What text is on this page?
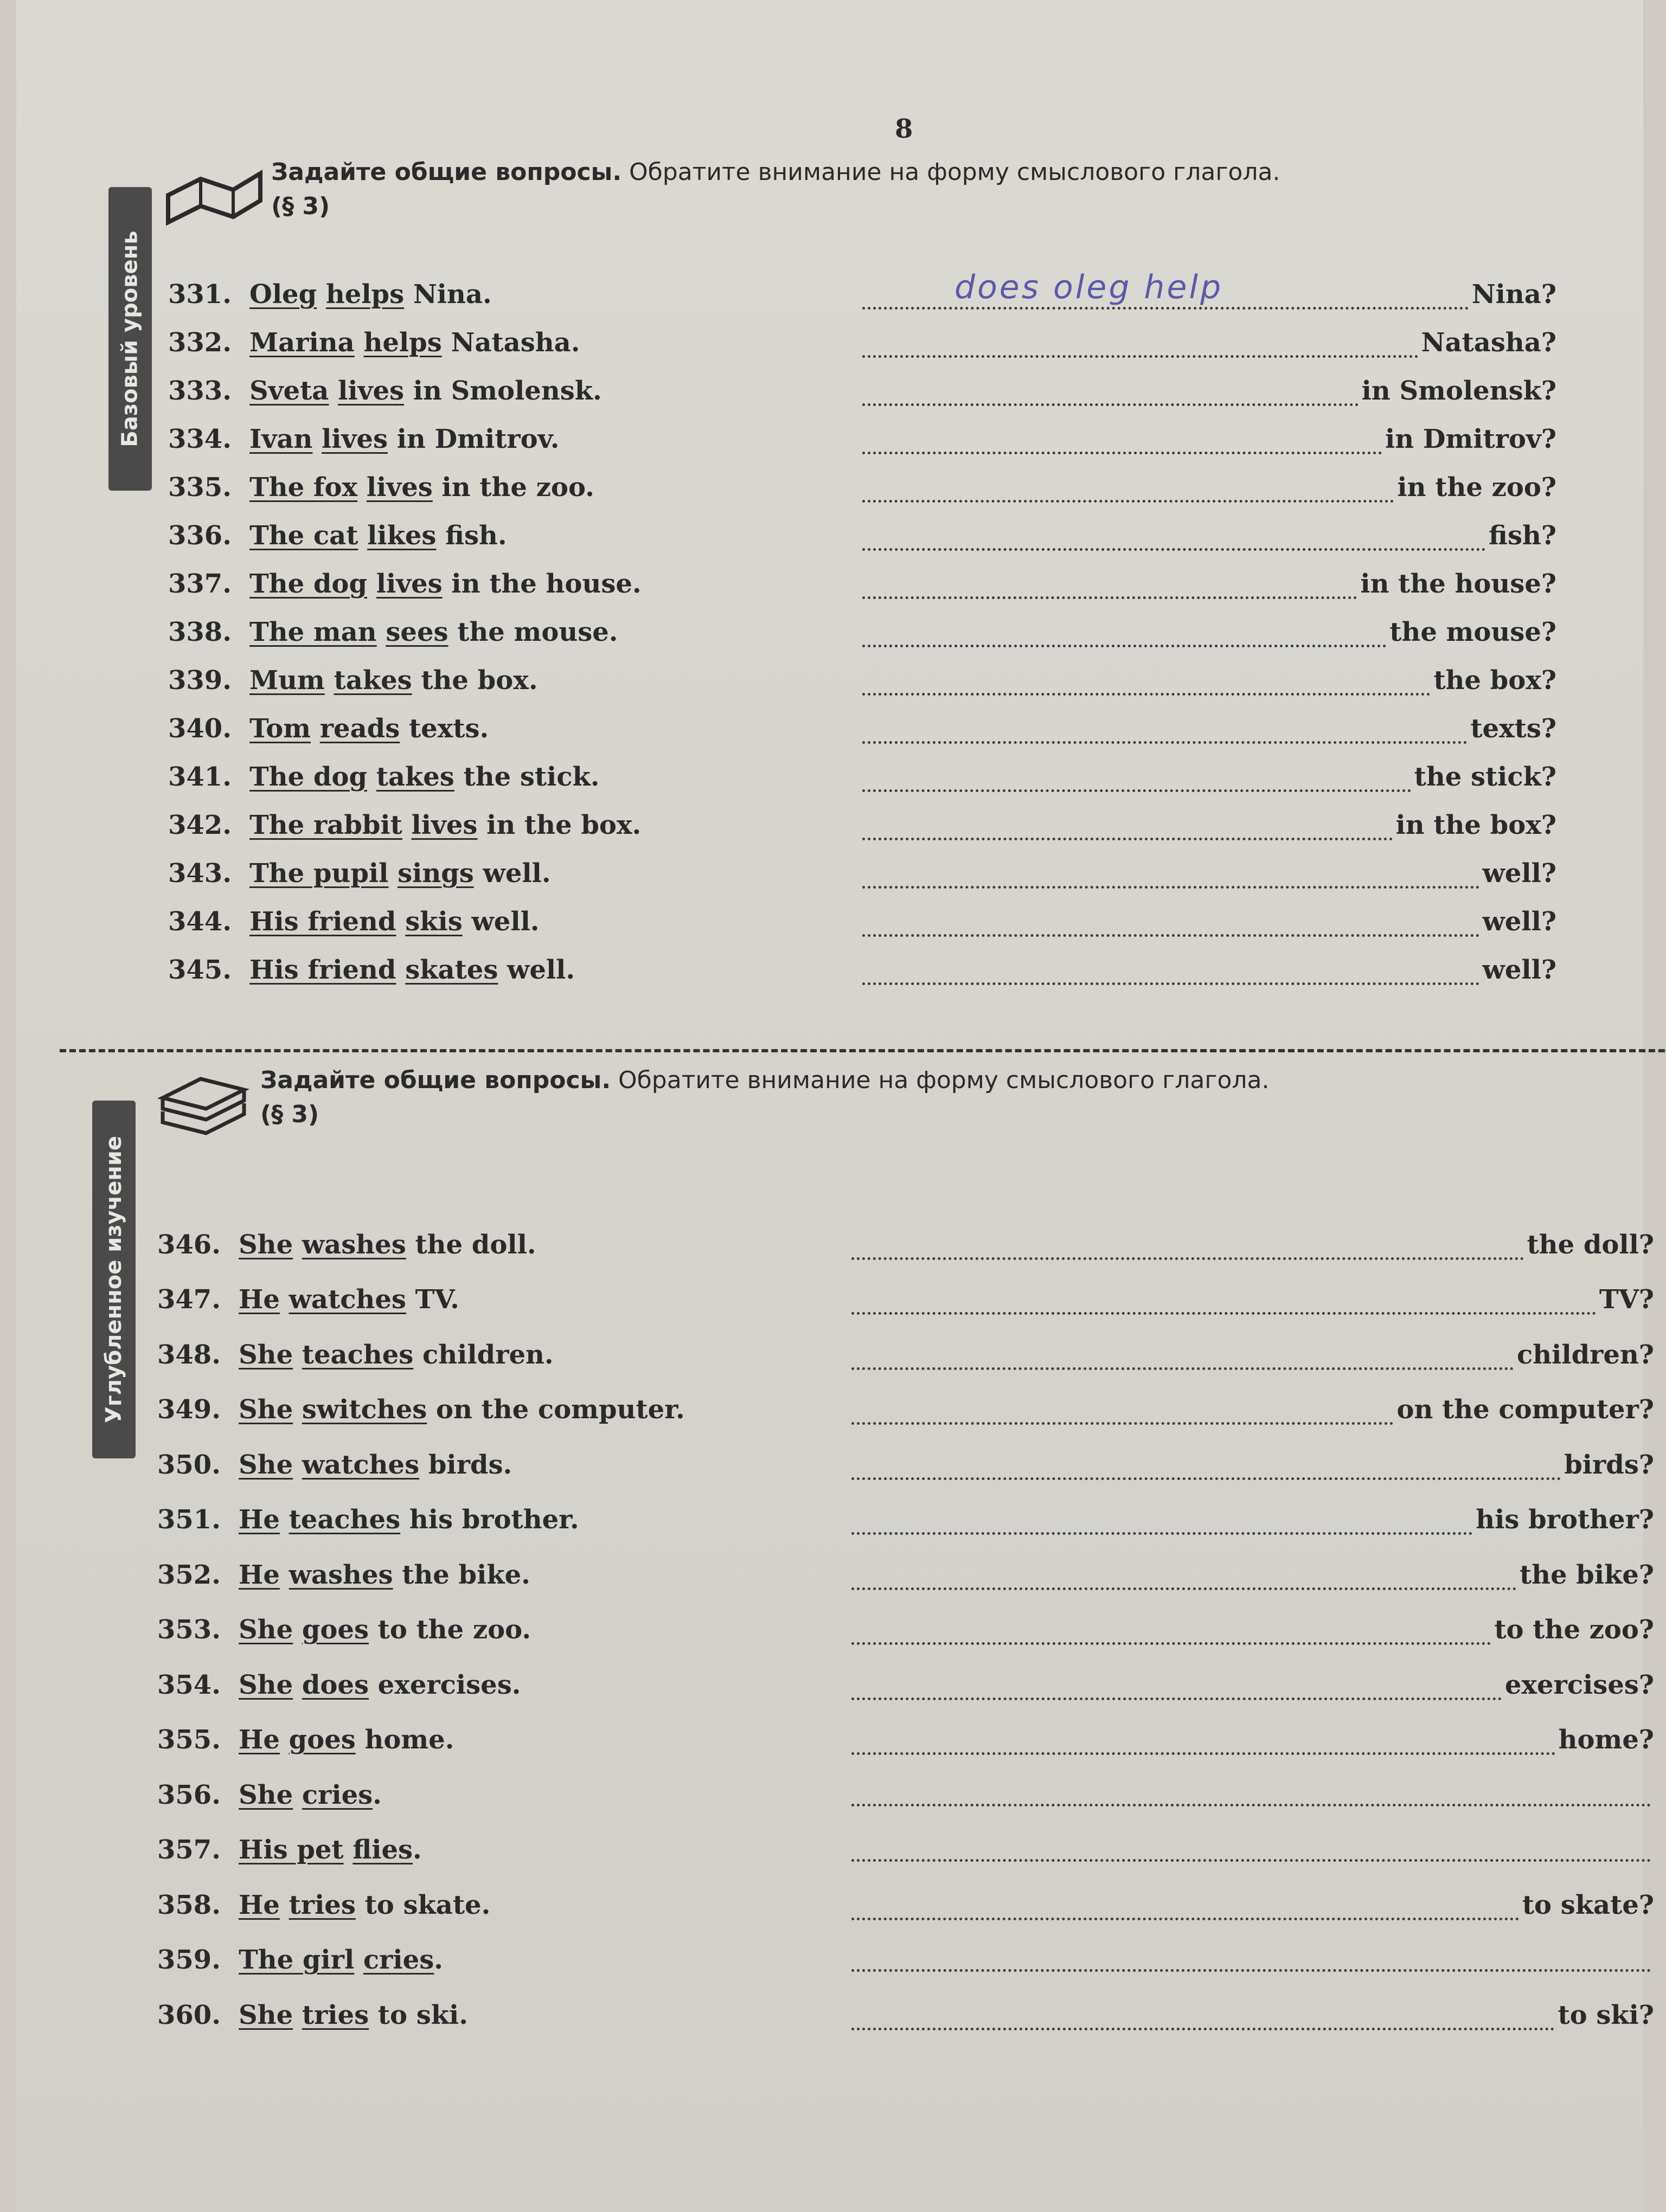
8
Базовый уровень
Задайте общие вопросы. Обратите внимание на форму смыслового глагола.
(§ 3)
331. Oleg helps Nina.	does oleg help	Nina?
332. Marina helps Natasha.	Natasha?
333. Sveta lives in Smolensk.	in Smolensk?
334. Ivan lives in Dmitrov.	in Dmitrov?
335. The fox lives in the zoo.	in the zoo?
336. The cat likes fish.	fish?
337. The dog lives in the house.	in the house?
338. The man sees the mouse.	the mouse?
339. Mum takes the box.	the box?
340. Tom reads texts.	texts?
341. The dog takes the stick.	the stick?
342. The rabbit lives in the box.	in the box?
343. The pupil sings well.	well?
344. His friend skis well.	well?
345. His friend skates well.	well?
Углубленное изучение
Задайте общие вопросы. Обратите внимание на форму смыслового глагола.
(§ 3)
346. She washes the doll.	the doll?
347. He watches TV.	TV?
348. She teaches children.	children?
349. She switches on the computer.	on the computer?
350. She watches birds.	birds?
351. He teaches his brother.	his brother?
352. He washes the bike.	the bike?
353. She goes to the zoo.	to the zoo?
354. She does exercises.	exercises?
355. He goes home.	home?
356. She cries.
357. His pet flies.
358. He tries to skate.	to skate?
359. The girl cries.
360. She tries to ski.	to ski?
